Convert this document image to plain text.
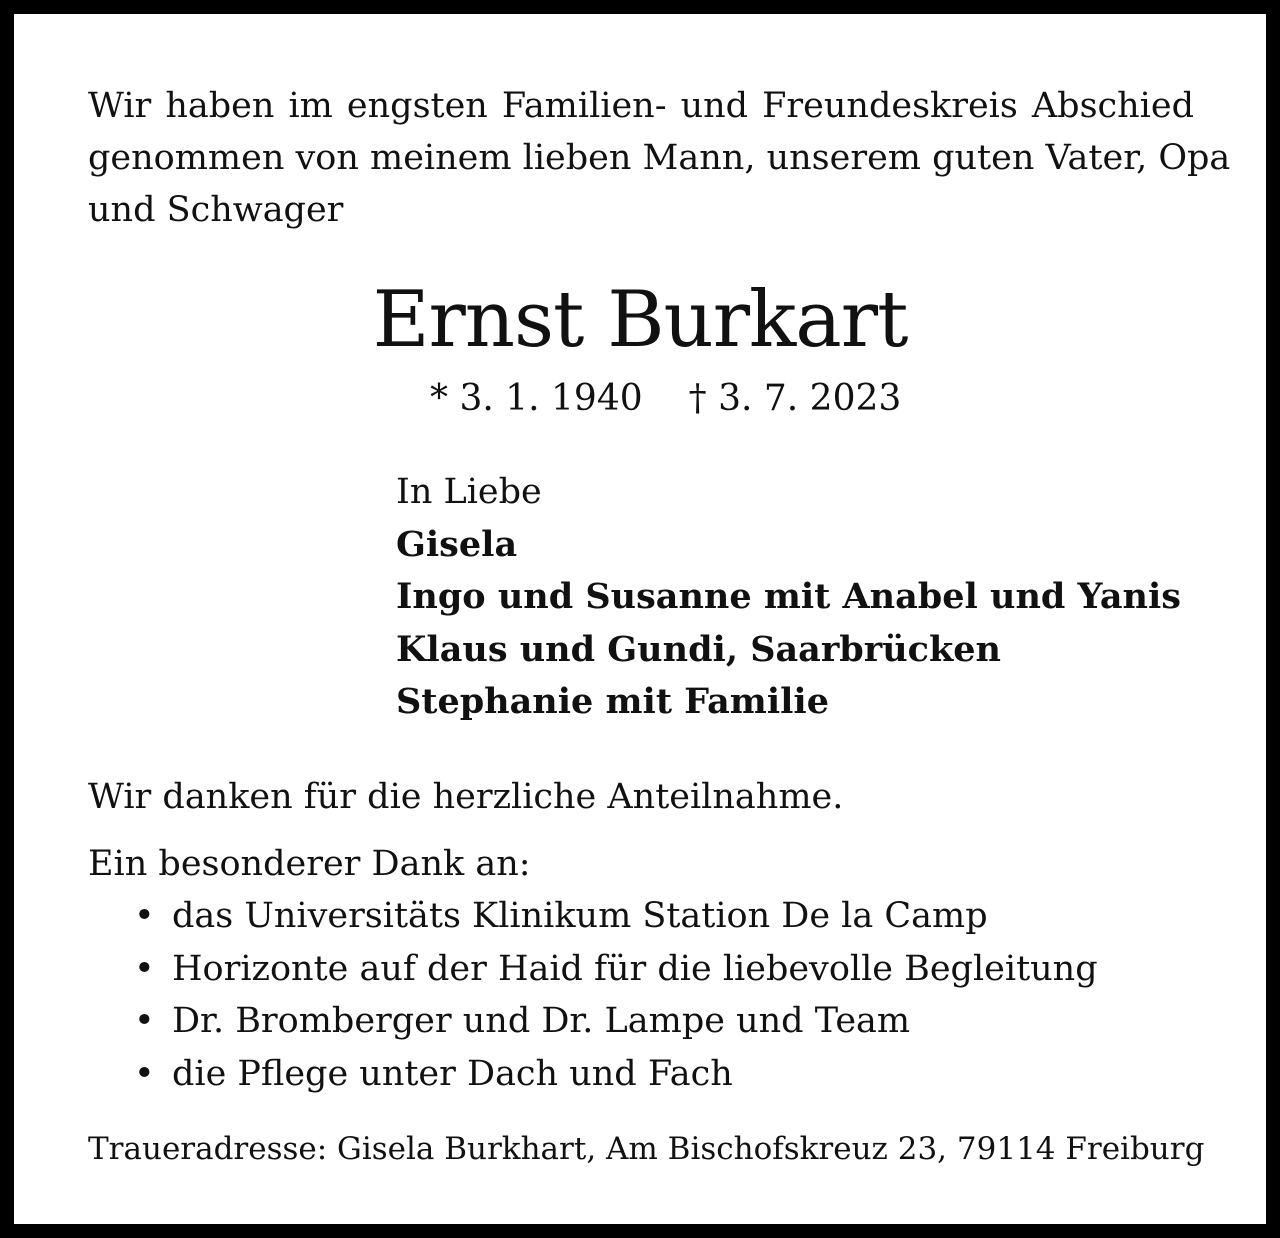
Wir haben im engsten Familien- und Freundeskreis Abschied
genommen von meinem lieben Mann, unserem guten Vater, Opa
und Schwager
Ernst Burkart
* 3. 1. 1940 † 3. 7. 2023
In Liebe
Gisela
Ingo und Susanne mit Anabel und Yanis
Klaus und Gundi, Saarbrücken
Stephanie mit Familie
Wir danken für die herzliche Anteilnahme.
Ein besonderer Dank an:
• das Universitäts Klinikum Station De la Camp
• Horizonte auf der Haid für die liebevolle Begleitung
• Dr. Bromberger und Dr. Lampe und Team
• die Pflege unter Dach und Fach
Traueradresse: Gisela Burkhart, Am Bischofskreuz 23, 79114 Freiburg
